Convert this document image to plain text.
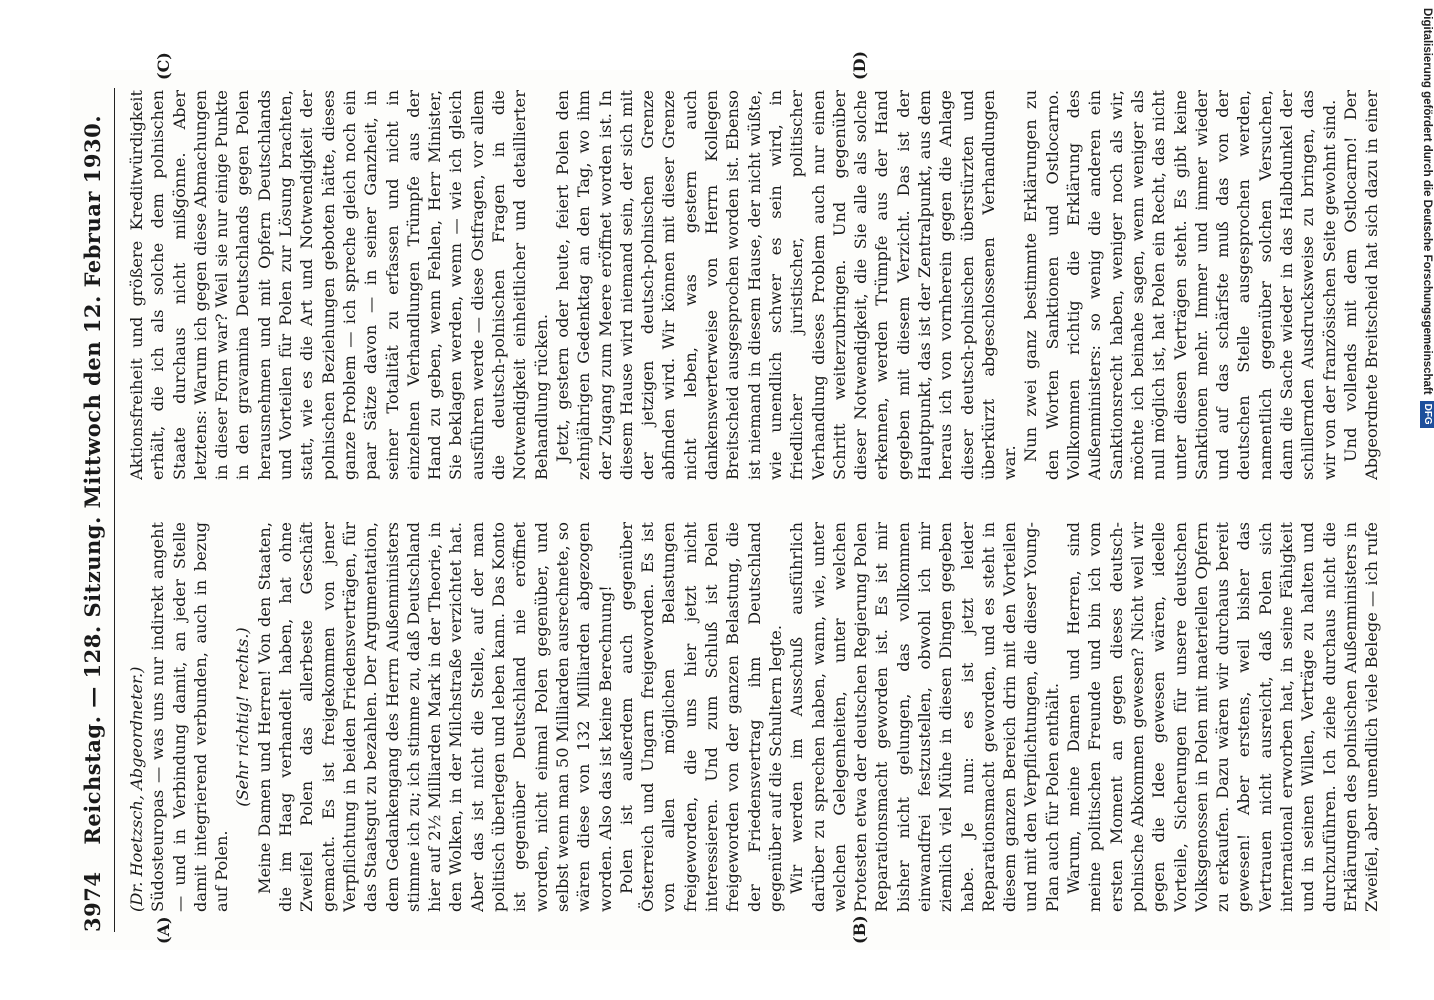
3974
Reichstag. — 128. Sitzung. Mittwoch den 12. Februar 1930.
(A)	(B)
(C)	(D)

(Dr. Hoetzsch, Abgeordneter.) Südosteuropas — was uns nur indirekt angeht — und in Verbindung damit, an jeder Stelle damit integrierend verbunden, auch in bezug auf Polen.

(Sehr richtig! rechts.) Meine Damen und Herren! Von den Staaten, die im Haag verhandelt haben, hat ohne Zweifel Polen das allerbeste Geschäft gemacht. Es ist freigekommen von jener Verpflichtung in beiden Friedensverträgen, für das Staatsgut zu bezahlen. Der Argumentation, dem Gedankengang des Herrn Außenministers stimme ich zu; ich stimme zu, daß Deutschland hier auf 2½ Milliarden Mark in der Theorie, in den Wolken, in der Milchstraße verzichtet hat. Aber das ist nicht die Stelle, auf der man politisch überlegen und leben kann. Das Konto ist gegenüber Deutschland nie eröffnet worden, nicht einmal Polen gegenüber, und selbst wenn man 50 Milliarden ausrechnete, so wären diese von 132 Milliarden abgezogen worden. Also das ist keine Berechnung! Polen ist außerdem auch gegenüber Österreich und Ungarn freigeworden. Es ist von allen möglichen Belastungen freigeworden, die uns hier jetzt nicht interessieren. Und zum Schluß ist Polen freigeworden von der ganzen Belastung, die der Friedensvertrag ihm Deutschland gegenüber auf die Schultern legte. Wir werden im Ausschuß ausführlich darüber zu sprechen haben, wann, wie, unter welchen Gelegenheiten, unter welchen Protesten etwa der deutschen Regierung Polen Reparationsmacht geworden ist. Es ist mir bisher nicht gelungen, das vollkommen einwandfrei festzustellen, obwohl ich mir ziemlich viel Mühe in diesen Dingen gegeben habe. Je nun: es ist jetzt leider Reparationsmacht geworden, und es steht in diesem ganzen Bereich drin mit den Vorteilen und mit den Verpflichtungen, die dieser Young-Plan auch für Polen enthält. Warum, meine Damen und Herren, sind meine politischen Freunde und bin ich vom ersten Moment an gegen dieses deutsch-polnische Abkommen gewesen? Nicht weil wir gegen die Idee gewesen wären, ideelle Vorteile, Sicherungen für unsere deutschen Volksgenossen in Polen mit materiellen Opfern zu erkaufen. Dazu wären wir durchaus bereit gewesen! Aber erstens, weil bisher das Vertrauen nicht ausreicht, daß Polen sich international erworben hat, in seine Fähigkeit und in seinen Willen, Verträge zu halten und durchzuführen. Ich ziehe durchaus nicht die Erklärungen des polnischen Außenministers in Zweifel, aber unendlich viele Belege — ich rufe

Aktionsfreiheit und größere Kreditwürdigkeit erhält, die ich als solche dem polnischen Staate durchaus nicht mißgönne. Aber letztens: Warum ich gegen diese Abmachungen in dieser Form war? Weil sie nur einige Punkte in den gravamina Deutschlands gegen Polen herausnehmen und mit Opfern Deutschlands und Vorteilen für Polen zur Lösung brachten, statt, wie es die Art und Notwendigkeit der polnischen Beziehungen geboten hätte, dieses ganze Problem — ich spreche gleich noch ein paar Sätze davon — in seiner Ganzheit, in seiner Totalität zu erfassen und nicht in einzelnen Verhandlungen Trümpfe aus der Hand zu geben, wenn Fehlen, Herr Minister, Sie beklagen werden, wenn — wie ich gleich ausführen werde — diese Ostfragen, vor allem die deutsch-polnischen Fragen in die Notwendigkeit einheitlicher und detaillierter Behandlung rücken. Jetzt, gestern oder heute, feiert Polen den zehnjährigen Gedenktag an den Tag, wo ihm der Zugang zum Meere eröffnet worden ist. In diesem Hause wird niemand sein, der sich mit der jetzigen deutsch-polnischen Grenze abfinden wird. Wir können mit dieser Grenze nicht leben, was gestern auch dankenswerterweise von Herrn Kollegen Breitscheid ausgesprochen worden ist. Ebenso ist niemand in diesem Hause, der nicht wüßte, wie unendlich schwer es sein wird, in friedlicher juristischer, politischer Verhandlung dieses Problem auch nur einen Schritt weiterzubringen. Und gegenüber dieser Notwendigkeit, die Sie alle als solche erkennen, werden Trümpfe aus der Hand gegeben mit diesem Verzicht. Das ist der Hauptpunkt, das ist der Zentralpunkt, aus dem heraus ich von vornherein gegen die Anlage dieser deutsch-polnischen überstürzten und überkürzt abgeschlossenen Verhandlungen war.

Nun zwei ganz bestimmte Erklärungen zu den Worten Sanktionen und Ostlocarno. Vollkommen richtig die Erklärung des Außenministers: so wenig die anderen ein Sanktionsrecht haben, weniger noch als wir, möchte ich beinahe sagen, wenn weniger als null möglich ist, hat Polen ein Recht, das nicht unter diesen Verträgen steht. Es gibt keine Sanktionen mehr. Immer und immer wieder und auf das schärfste muß das von der deutschen Stelle ausgesprochen werden, namentlich gegenüber solchen Versuchen, dann die Sache wieder in das Halbdunkel der schillernden Ausdrucksweise zu bringen, das wir von der französischen Seite gewohnt sind. Und vollends mit dem Ostlocarno! Der Abgeordnete Breitscheid hat sich dazu in einer	Digitalisierung gefördert durch die Deutsche Forschungsgemeinschaft
DFG
